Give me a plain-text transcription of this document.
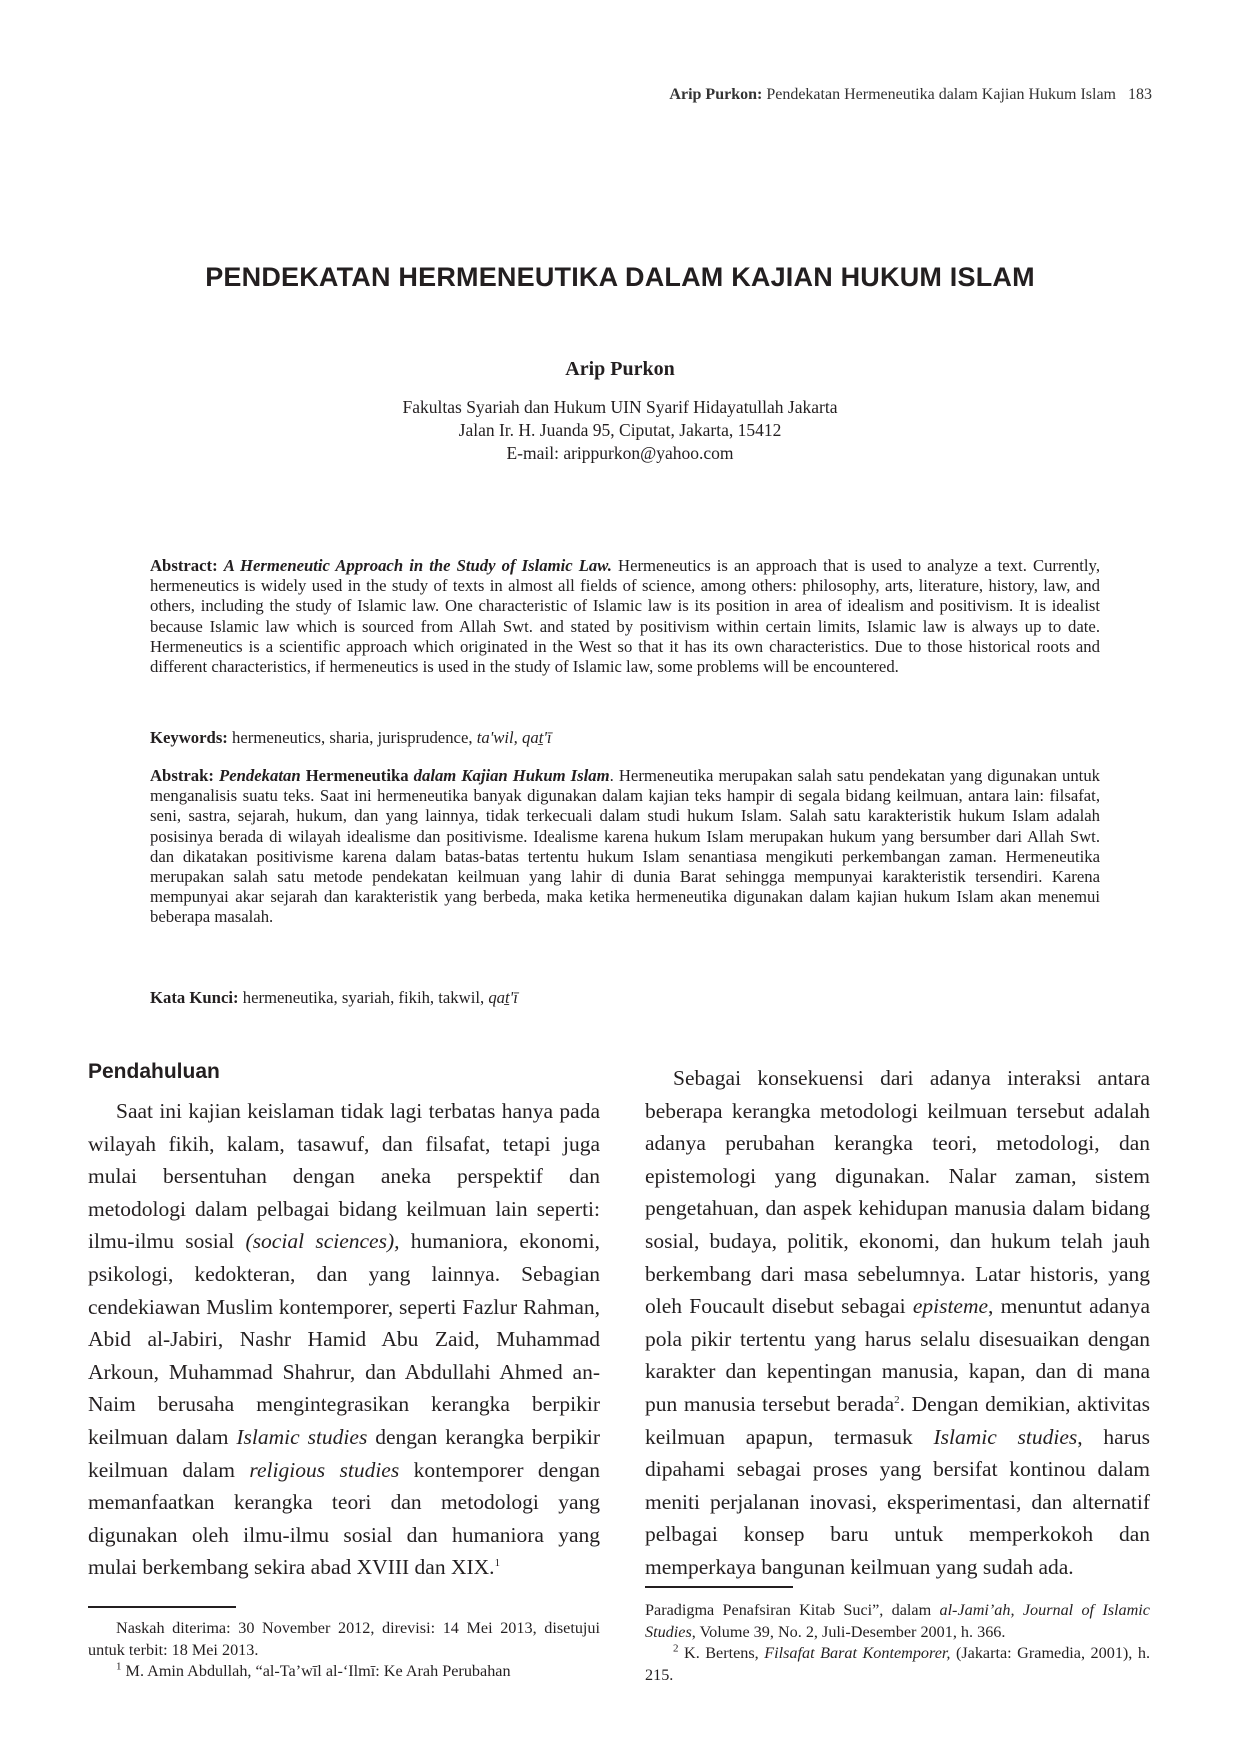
Arip Purkon: Pendekatan Hermeneutika dalam Kajian Hukum Islam 183
PENDEKATAN HERMENEUTIKA DALAM KAJIAN HUKUM ISLAM
Arip Purkon
Fakultas Syariah dan Hukum UIN Syarif Hidayatullah Jakarta
Jalan Ir. H. Juanda 95, Ciputat, Jakarta, 15412
E-mail: arippurkon@yahoo.com
Abstract: A Hermeneutic Approach in the Study of Islamic Law. Hermeneutics is an approach that is used to analyze a text. Currently, hermeneutics is widely used in the study of texts in almost all fields of science, among others: philosophy, arts, literature, history, law, and others, including the study of Islamic law. One characteristic of Islamic law is its position in area of idealism and positivism. It is idealist because Islamic law which is sourced from Allah Swt. and stated by positivism within certain limits, Islamic law is always up to date. Hermeneutics is a scientific approach which originated in the West so that it has its own characteristics. Due to those historical roots and different characteristics, if hermeneutics is used in the study of Islamic law, some problems will be encountered.
Keywords: hermeneutics, sharia, jurisprudence, ta'wil, qaṯ'ī
Abstrak: Pendekatan Hermeneutika dalam Kajian Hukum Islam. Hermeneutika merupakan salah satu pendekatan yang digunakan untuk menganalisis suatu teks. Saat ini hermeneutika banyak digunakan dalam kajian teks hampir di segala bidang keilmuan, antara lain: filsafat, seni, sastra, sejarah, hukum, dan yang lainnya, tidak terkecuali dalam studi hukum Islam. Salah satu karakteristik hukum Islam adalah posisinya berada di wilayah idealisme dan positivisme. Idealisme karena hukum Islam merupakan hukum yang bersumber dari Allah Swt. dan dikatakan positivisme karena dalam batas-batas tertentu hukum Islam senantiasa mengikuti perkembangan zaman. Hermeneutika merupakan salah satu metode pendekatan keilmuan yang lahir di dunia Barat sehingga mempunyai karakteristik tersendiri. Karena mempunyai akar sejarah dan karakteristik yang berbeda, maka ketika hermeneutika digunakan dalam kajian hukum Islam akan menemui beberapa masalah.
Kata Kunci: hermeneutika, syariah, fikih, takwil, qaṯ'ī
Pendahuluan
Saat ini kajian keislaman tidak lagi terbatas hanya pada wilayah fikih, kalam, tasawuf, dan filsafat, tetapi juga mulai bersentuhan dengan aneka perspektif dan metodologi dalam pelbagai bidang keilmuan lain seperti: ilmu-ilmu sosial (social sciences), humaniora, ekonomi, psikologi, kedokteran, dan yang lainnya. Sebagian cendekiawan Muslim kontemporer, seperti Fazlur Rahman, Abid al-Jabiri, Nashr Hamid Abu Zaid, Muhammad Arkoun, Muhammad Shahrur, dan Abdullahi Ahmed an-Naim berusaha mengintegrasikan kerangka berpikir keilmuan dalam Islamic studies dengan kerangka berpikir keilmuan dalam religious studies kontemporer dengan memanfaatkan kerangka teori dan metodologi yang digunakan oleh ilmu-ilmu sosial dan humaniora yang mulai berkembang sekira abad XVIII dan XIX.$^1$
Sebagai konsekuensi dari adanya interaksi antara beberapa kerangka metodologi keilmuan tersebut adalah adanya perubahan kerangka teori, metodologi, dan epistemologi yang digunakan. Nalar zaman, sistem pengetahuan, dan aspek kehidupan manusia dalam bidang sosial, budaya, politik, ekonomi, dan hukum telah jauh berkembang dari masa sebelumnya. Latar historis, yang oleh Foucault disebut sebagai episteme, menuntut adanya pola pikir tertentu yang harus selalu disesuaikan dengan karakter dan kepentingan manusia, kapan, dan di mana pun manusia tersebut berada$^2$. Dengan demikian, aktivitas keilmuan apapun, termasuk Islamic studies, harus dipahami sebagai proses yang bersifat kontinou dalam meniti perjalanan inovasi, eksperimentasi, dan alternatif pelbagai konsep baru untuk memperkokoh dan memperkaya bangunan keilmuan yang sudah ada.

Naskah diterima: 30 November 2012, direvisi: 14 Mei 2013, disetujui untuk terbit: 18 Mei 2013.

$^1$ M. Amin Abdullah, “al-Ta’wīl al-‘Ilmī: Ke Arah Perubahan

Paradigma Penafsiran Kitab Suci”, dalam al-Jami’ah, Journal of Islamic Studies, Volume 39, No. 2, Juli-Desember 2001, h. 366.

$^2$ K. Bertens, Filsafat Barat Kontemporer, (Jakarta: Gramedia, 2001), h. 215.
